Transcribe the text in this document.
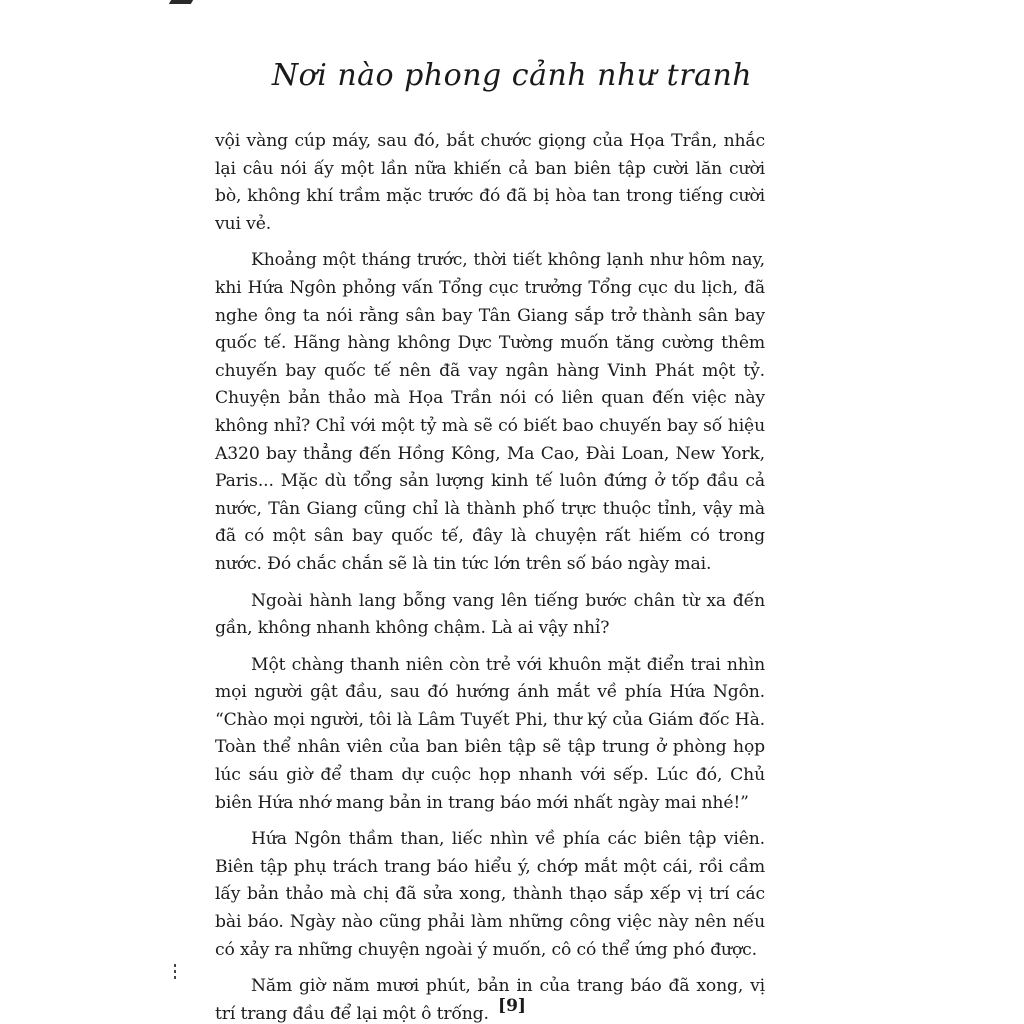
Nơi nào phong cảnh như tranh

vội vàng cúp máy, sau đó, bắt chước giọng của Họa Trần, nhắc lại câu nói ấy một lần nữa khiến cả ban biên tập cười lăn cười bò, không khí trầm mặc trước đó đã bị hòa tan trong tiếng cười vui vẻ.

Khoảng một tháng trước, thời tiết không lạnh như hôm nay, khi Hứa Ngôn phỏng vấn Tổng cục trưởng Tổng cục du lịch, đã nghe ông ta nói rằng sân bay Tân Giang sắp trở thành sân bay quốc tế. Hãng hàng không Dực Tường muốn tăng cường thêm chuyến bay quốc tế nên đã vay ngân hàng Vinh Phát một tỷ. Chuyện bản thảo mà Họa Trần nói có liên quan đến việc này không nhỉ? Chỉ với một tỷ mà sẽ có biết bao chuyến bay số hiệu A320 bay thẳng đến Hồng Kông, Ma Cao, Đài Loan, New York, Paris... Mặc dù tổng sản lượng kinh tế luôn đứng ở tốp đầu cả nước, Tân Giang cũng chỉ là thành phố trực thuộc tỉnh, vậy mà đã có một sân bay quốc tế, đây là chuyện rất hiếm có trong nước. Đó chắc chắn sẽ là tin tức lớn trên số báo ngày mai.

Ngoài hành lang bỗng vang lên tiếng bước chân từ xa đến gần, không nhanh không chậm. Là ai vậy nhỉ?

Một chàng thanh niên còn trẻ với khuôn mặt điển trai nhìn mọi người gật đầu, sau đó hướng ánh mắt về phía Hứa Ngôn. “Chào mọi người, tôi là Lâm Tuyết Phi, thư ký của Giám đốc Hà. Toàn thể nhân viên của ban biên tập sẽ tập trung ở phòng họp lúc sáu giờ để tham dự cuộc họp nhanh với sếp. Lúc đó, Chủ biên Hứa nhớ mang bản in trang báo mới nhất ngày mai nhé!”

Hứa Ngôn thầm than, liếc nhìn về phía các biên tập viên. Biên tập phụ trách trang báo hiểu ý, chớp mắt một cái, rồi cầm lấy bản thảo mà chị đã sửa xong, thành thạo sắp xếp vị trí các bài báo. Ngày nào cũng phải làm những công việc này nên nếu có xảy ra những chuyện ngoài ý muốn, cô có thể ứng phó được.

Năm giờ năm mươi phút, bản in của trang báo đã xong, vị trí trang đầu để lại một ô trống. [9]
